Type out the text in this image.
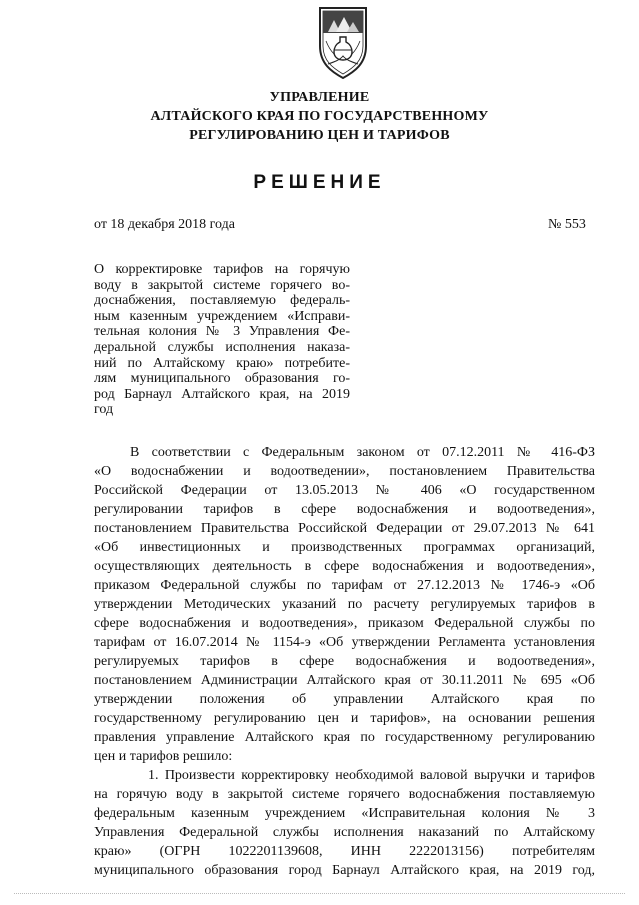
УПРАВЛЕНИЕ
АЛТАЙСКОГО КРАЯ ПО ГОСУДАРСТВЕННОМУ
РЕГУЛИРОВАНИЮ ЦЕН И ТАРИФОВ
РЕШЕНИЕ
от 18 декабря 2018 года	№ 553
О корректировке тарифов на горячую
воду в закрытой системе горячего во-
доснабжения, поставляемую федераль-
ным казенным учреждением «Исправи-
тельная колония № 3 Управления Фе-
деральной службы исполнения наказа-
ний по Алтайскому краю» потребите-
лям муниципального образования го-
род Барнаул Алтайского края, на 2019
год
В соответствии с Федеральным законом от 07.12.2011 № 416-ФЗ
«О водоснабжении и водоотведении», постановлением Правительства
Российской Федерации от 13.05.2013 № 406 «О государственном
регулировании тарифов в сфере водоснабжения и водоотведения»,
постановлением Правительства Российской Федерации от 29.07.2013 № 641
«Об инвестиционных и производственных программах организаций,
осуществляющих деятельность в сфере водоснабжения и водоотведения»,
приказом Федеральной службы по тарифам от 27.12.2013 № 1746-э «Об
утверждении Методических указаний по расчету регулируемых тарифов в
сфере водоснабжения и водоотведения», приказом Федеральной службы по
тарифам от 16.07.2014 № 1154-э «Об утверждении Регламента установления
регулируемых тарифов в сфере водоснабжения и водоотведения»,
постановлением Администрации Алтайского края от 30.11.2011 № 695 «Об
утверждении положения об управлении Алтайского края по
государственному регулированию цен и тарифов», на основании решения
правления управление Алтайского края по государственному регулированию
цен и тарифов решило:
1. Произвести корректировку необходимой валовой выручки и тарифов
на горячую воду в закрытой системе горячего водоснабжения поставляемую
федеральным казенным учреждением «Исправительная колония № 3
Управления Федеральной службы исполнения наказаний по Алтайскому
краю» (ОГРН 1022201139608, ИНН 2222013156) потребителям
муниципального образования город Барнаул Алтайского края, на 2019 год,
